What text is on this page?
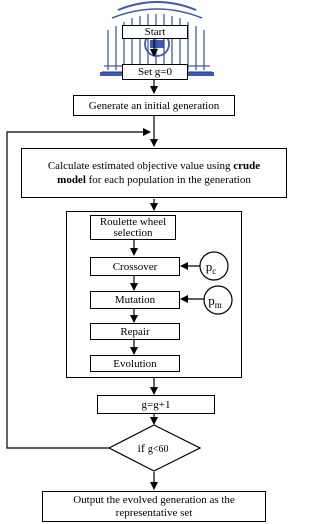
if g<60
$p_c$
$p_m$
Start
Set g=0
Generate an initial generation
Calculate estimated objective value using crude
model for each population in the generation
Roulette wheel
selection
Crossover
Mutation
Repair
Evolution
g=g+1
Output the evolved generation as the representative set
